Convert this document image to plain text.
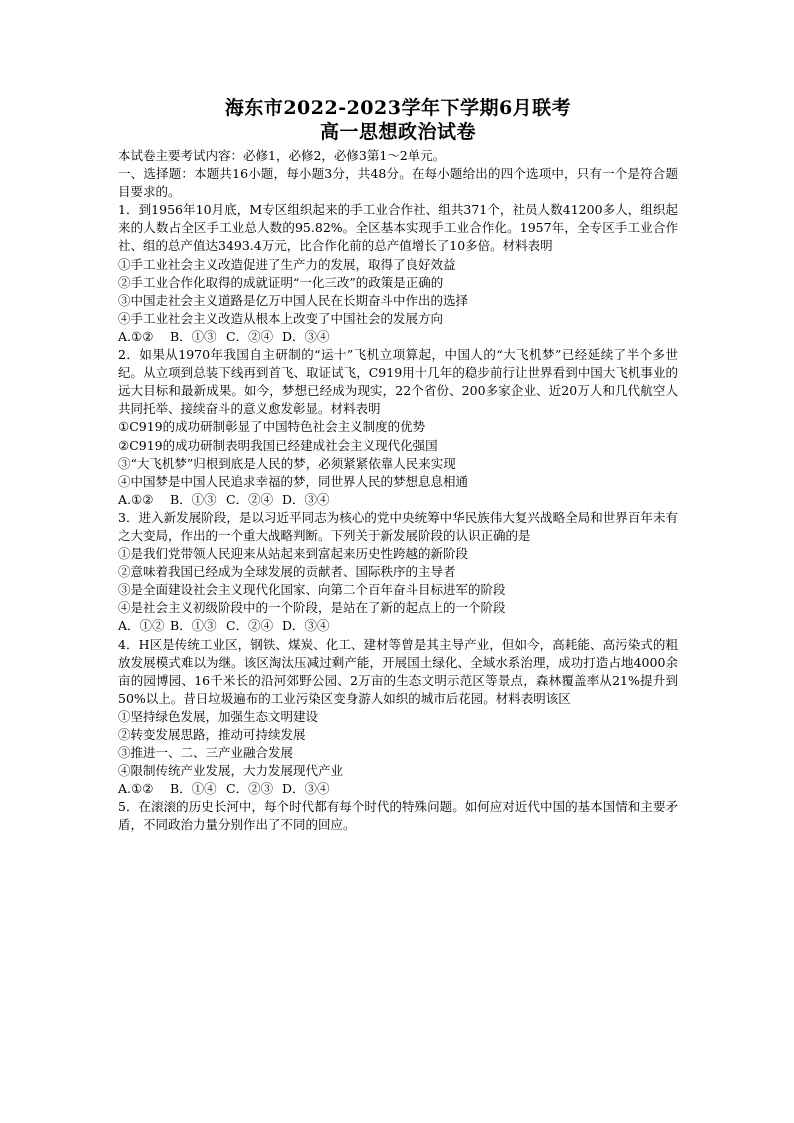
海东市2022-2023学年下学期6月联考
高一思想政治试卷

本试卷主要考试内容：必修1，必修2，必修3第1～2单元。

一、选择题：本题共16小题，每小题3分，共48分。在每小题给出的四个选项中，只有一个是符合题目要求的。

1．到1956年10月底，M专区组织起来的手工业合作社、组共371个，社员人数41200多人，组织起来的人数占全区手工业总人数的95.82%。全区基本实现手工业合作化。1957年，全专区手工业合作社、组的总产值达3493.4万元，比合作化前的总产值增长了10多倍。材料表明

①手工业社会主义改造促进了生产力的发展，取得了良好效益

②手工业合作化取得的成就证明“一化三改”的政策是正确的

③中国走社会主义道路是亿万中国人民在长期奋斗中作出的选择

④手工业社会主义改造从根本上改变了中国社会的发展方向

A.①②	B．①③ C．②④ D．③④

2．如果从1970年我国自主研制的“运十”飞机立项算起，中国人的“大飞机梦”已经延续了半个多世纪。从立项到总装下线再到首飞、取证试飞，C919用十几年的稳步前行让世界看到中国大飞机事业的远大目标和最新成果。如今，梦想已经成为现实，22个省份、200多家企业、近20万人和几代航空人共同托举、接续奋斗的意义愈发彰显。材料表明

①C919的成功研制彰显了中国特色社会主义制度的优势

②C919的成功研制表明我国已经建成社会主义现代化强国

③“大飞机梦”归根到底是人民的梦，必须紧紧依靠人民来实现

④中国梦是中国人民追求幸福的梦，同世界人民的梦想息息相通

A.①②	B．①③ C．②④ D．③④

3．进入新发展阶段，是以习近平同志为核心的党中央统筹中华民族伟大复兴战略全局和世界百年未有之大变局，作出的一个重大战略判断。下列关于新发展阶段的认识正确的是

①是我们党带领人民迎来从站起来到富起来历史性跨越的新阶段

②意味着我国已经成为全球发展的贡献者、国际秩序的主导者

③是全面建设社会主义现代化国家、向第二个百年奋斗目标进军的阶段

④是社会主义初级阶段中的一个阶段，是站在了新的起点上的一个阶段

A．①② B．①③ C．②④ D．③④

4．H区是传统工业区，钢铁、煤炭、化工、建材等曾是其主导产业，但如今，高耗能、高污染式的粗放发展模式难以为继。该区淘汰压减过剩产能，开展国土绿化、全域水系治理，成功打造占地4000余亩的园博园、16千米长的沿河郊野公园、2万亩的生态文明示范区等景点，森林覆盖率从21%提升到50%以上。昔日垃圾遍布的工业污染区变身游人如织的城市后花园。材料表明该区

①坚持绿色发展，加强生态文明建设

②转变发展思路，推动可持续发展

③推进一、二、三产业融合发展

④限制传统产业发展，大力发展现代产业

A.①②	B．①④ C．②③ D．③④

5．在滚滚的历史长河中，每个时代都有每个时代的特殊问题。如何应对近代中国的基本国情和主要矛盾，不同政治力量分别作出了不同的回应。
